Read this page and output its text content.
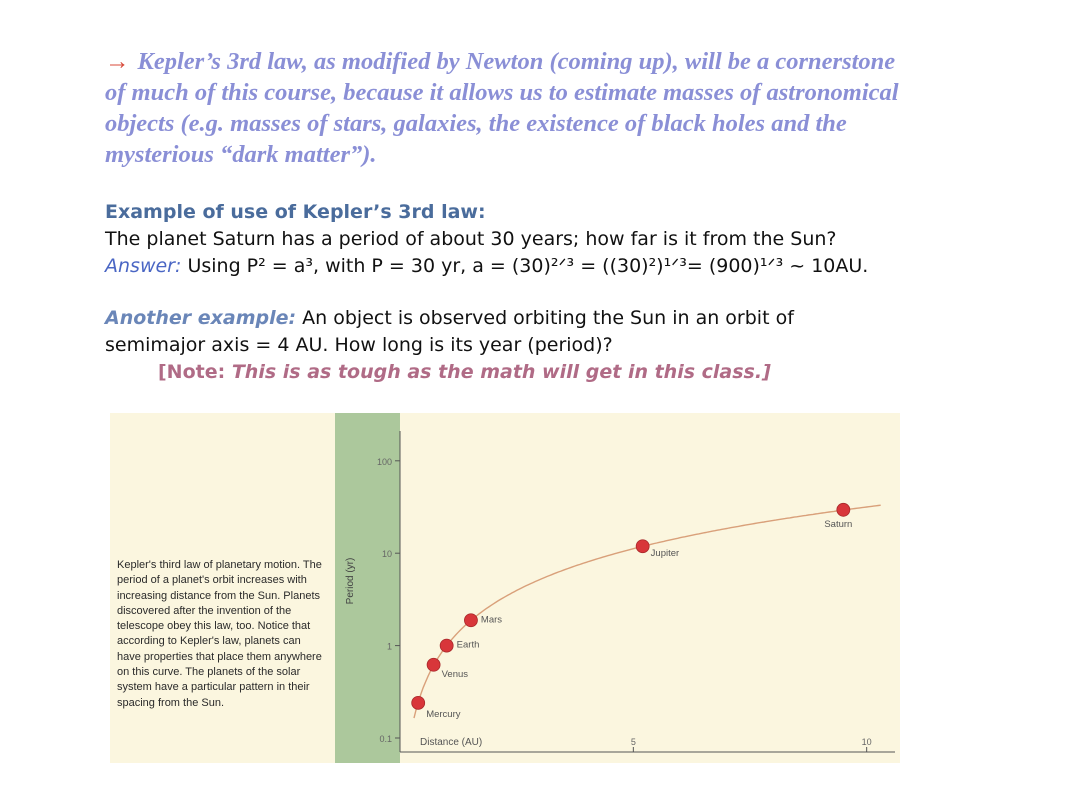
→ Kepler’s 3rd law, as modified by Newton (coming up), will be a cornerstone of much of this course, because it allows us to estimate masses of astronomical objects (e.g. masses of stars, galaxies, the existence of black holes and the mysterious “dark matter”).
Example of use of Kepler’s 3rd law:
The planet Saturn has a period of about 30 years; how far is it from the Sun?
Answer: Using P² = a³, with P = 30 yr, a = (30)²ᐟ³ = ((30)²)¹ᐟ³= (900)¹ᐟ³ ~ 10AU.
Another example: An object is observed orbiting the Sun in an orbit of
semimajor axis = 4 AU. How long is its year (period)?
[Note: This is as tough as the math will get in this class.]
Kepler's third law of planetary motion. The period of a planet's orbit increases with increasing distance from the Sun. Planets discovered after the invention of the telescope obey this law, too. Notice that according to Kepler's law, planets can have properties that place them anywhere on this curve. The planets of the solar system have a particular pattern in their spacing from the Sun.
0.1
1
10
100
5	10
Distance (AU)
Period (yr)
Mercury
Venus
Earth
Mars
Jupiter
Saturn
